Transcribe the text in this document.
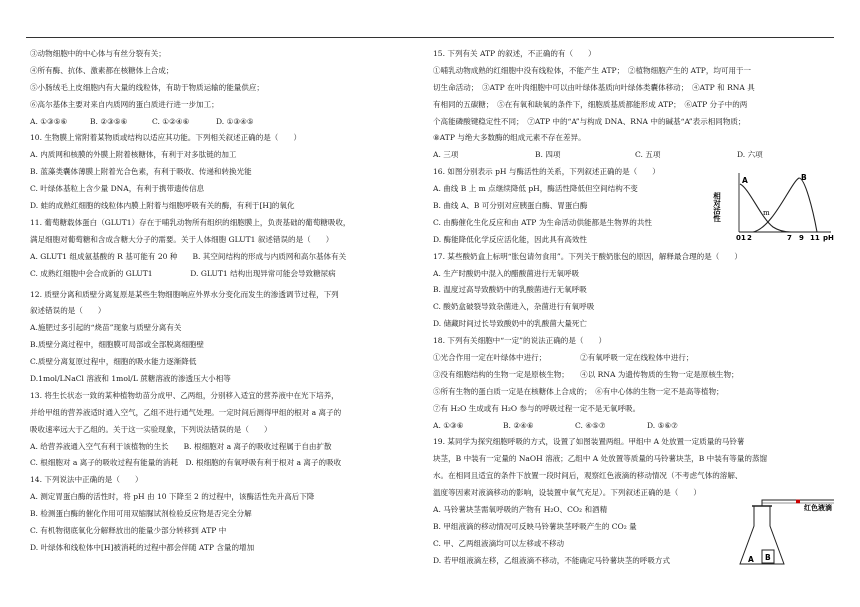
③动物细胞中的中心体与有丝分裂有关；
④所有酶、抗体、激素都在核糖体上合成；
⑤小肠绒毛上皮细胞内有大量的线粒体，有助于物质运输的能量供应；
⑥高尔基体主要对来自内质网的蛋白质进行进一步加工；
A. ①③⑤⑥	B. ②③⑤⑥	C. ①②④⑥	D. ①③④⑤
10. 生物膜上常附着某物质或结构以适应其功能。下列相关叙述正确的是（　　）
A. 内质网和核膜的外膜上附着核糖体，有利于对多肽链的加工
B. 蓝藻类囊体薄膜上附着光合色素，有利于吸收、传递和转换光能
C. 叶绿体基粒上含少量 DNA，有利于携带遗传信息
D. 蛙的成熟红细胞的线粒体内膜上附着与细胞呼吸有关的酶，有利于[H]的氧化
11. 葡萄糖载体蛋白（GLUT1）存在于哺乳动物所有组织的细胞膜上，负责基础的葡萄糖吸收，
满足细胞对葡萄糖和含成含糖大分子的需要。关于人体细胞 GLUT1 叙述错误的是（　　）
A. GLUT1 组成氨基酸的 R 基可能有 20 种　　B. 其空间结构的形成与内质网和高尔基体有关
C. 成熟红细胞中会合成新的 GLUT1　　　　　D. GLUT1 结构出现异常可能会导致糖尿病
12. 质壁分离和质壁分离复原是某些生物细胞响应外界水分变化而发生的渗透调节过程，下列
叙述错误的是（　　）
A.施肥过多引起的“烧苗”现象与质壁分离有关
B.质壁分离过程中，细胞膜可局部或全部脱离细胞壁
C.质壁分离复原过程中，细胞的吸水能力逐渐降低
D.1mol/LNaCl 溶液和 1mol/L 蔗糖溶液的渗透压大小相等
13. 将生长状态一致的某种植物幼苗分成甲、乙两组，分别移入适宜的营养液中在光下培养，
并给甲组的营养液适时通入空气，乙组不进行通气处理。一定时间后测得甲组的根对 a 离子的
吸收速率远大于乙组的。关于这一实验现象，下列说法错误的是（　　）
A. 给营养液通入空气有利于该植物的生长　　B. 根细胞对 a 离子的吸收过程属于自由扩散
C. 根细胞对 a 离子的吸收过程有能量的消耗　D. 根细胞的有氧呼吸有利于根对 a 离子的吸收
14. 下列说法中正确的是（　　）
A. 测定胃蛋白酶的活性时，将 pH 由 10 下降至 2 的过程中，该酶活性先升高后下降
B. 检测蛋白酶的催化作用可用双缩脲试剂检验反应物是否完全分解
C. 有机物彻底氧化分解释放出的能量少部分转移到 ATP 中
D. 叶绿体和线粒体中[H]被消耗的过程中都会伴随 ATP 含量的增加
15. 下列有关 ATP 的叙述，不正确的有（　　）
①哺乳动物成熟的红细胞中没有线粒体，不能产生 ATP；　②植物细胞产生的 ATP，均可用于一
切生命活动；　③ATP 在叶肉细胞中可以由叶绿体基质向叶绿体类囊体移动；　④ATP 和 RNA 具
有相同的五碳糖；　⑤在有氧和缺氧的条件下，细胞质基质都能形成 ATP；　⑥ATP 分子中的两
个高能磷酸键稳定性不同；　⑦ATP 中的“A”与构成 DNA、RNA 中的碱基“A”表示相同物质；
⑧ATP 与绝大多数酶的组成元素不存在差异。
A. 三项	B. 四项	C. 五项	D. 六项
16. 如图分别表示 pH 与酶活性的关系，下列叙述正确的是（　　）
A. 曲线 B 上 m 点继续降低 pH，酶活性降低但空间结构不变
B. 曲线 A、B 可分别对应胰蛋白酶、胃蛋白酶
C. 由酶催化生化反应和由 ATP 为生命活动供能都是生物界的共性
D. 酶能降低化学反应活化能，因此具有高效性
17. 某些酸奶盒上标明“胀包请勿食用”。下列关于酸奶胀包的原因，解释最合理的是（　　）
A. 生产时酸奶中混入的醋酸菌进行无氧呼吸
B. 温度过高导致酸奶中的乳酸菌进行无氧呼吸
C. 酸奶盒破裂导致杂菌进入，杂菌进行有氧呼吸
D. 储藏时间过长导致酸奶中的乳酸菌大量死亡
18. 下列有关细胞中“一定”的说法正确的是（　　）
①光合作用一定在叶绿体中进行；　　　　　②有氧呼吸一定在线粒体中进行；
③没有细胞结构的生物一定是原核生物；　　④以 RNA 为遗传物质的生物一定是原核生物；
⑤所有生物的蛋白质一定是在核糖体上合成的；　⑥有中心体的生物一定不是高等植物；
⑦有 H₂O 生成或有 H₂O 参与的呼吸过程一定不是无氧呼吸。
A. ①③⑥	B. ②④⑥	C. ④⑤⑦	D. ⑤⑥⑦
19. 某同学为探究细胞呼吸的方式，设置了如图装置两组。甲组中 A 处放置一定质量的马铃薯
块茎，B 中装有一定量的 NaOH 溶液；乙组中 A 处放置等质量的马铃薯块茎，B 中装有等量的蒸馏
水。在相同且适宜的条件下放置一段时间后，观察红色液滴的移动情况（不考虑气体的溶解、
温度等因素对液滴移动的影响，设装置中氧气充足）。下列叙述正确的是（　　）
A. 马铃薯块茎需氧呼吸的产物有 H₂O、CO₂ 和酒精
B. 甲组液滴的移动情况可反映马铃薯块茎呼吸产生的 CO₂ 量
C. 甲、乙两组液滴均可以左移或不移动
D. 若甲组液滴左移，乙组液滴不移动，不能确定马铃薯块茎的呼吸方式
相对活性
A	B
m
0 1 2	7 9 11 pH
红色液滴
A B
